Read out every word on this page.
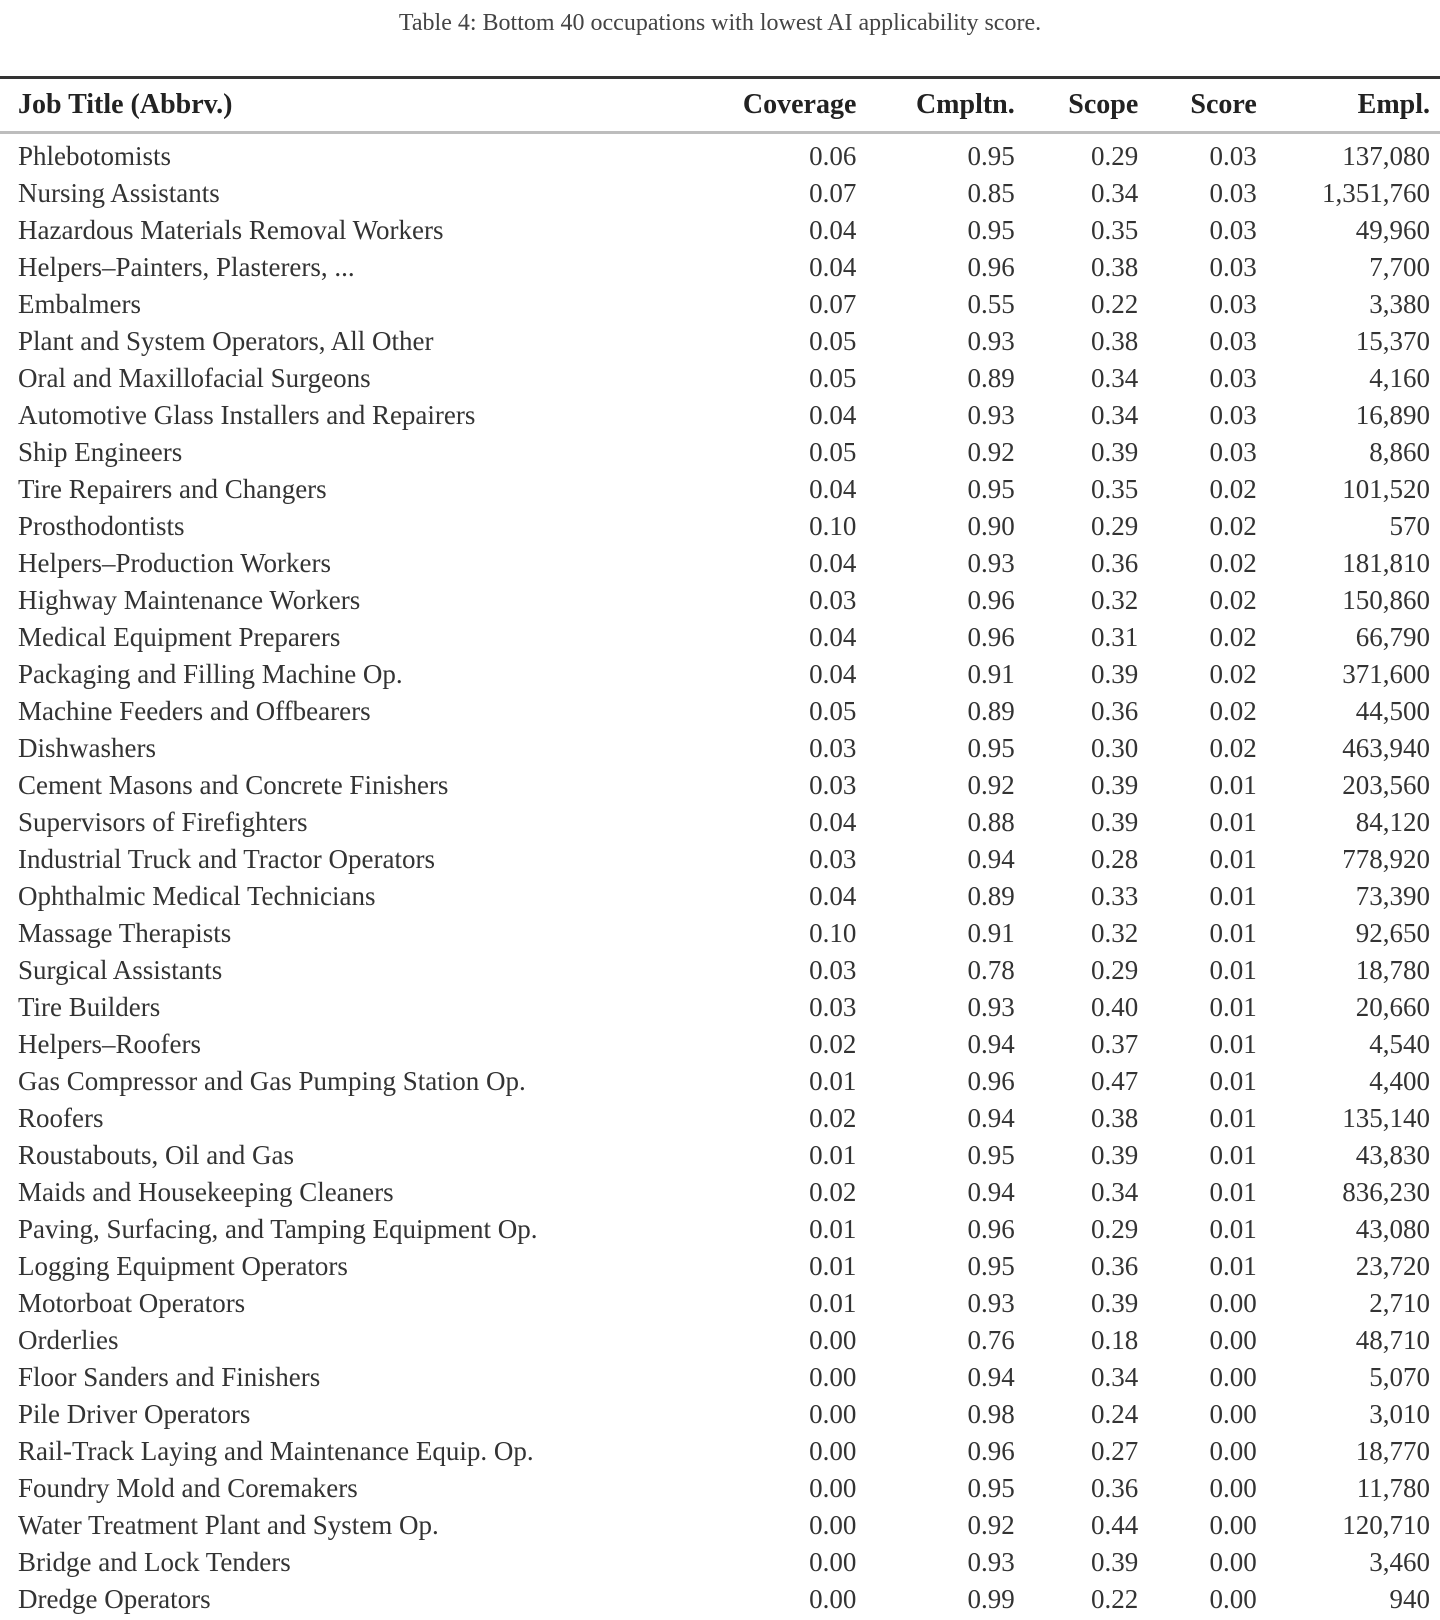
Table 4: Bottom 40 occupations with lowest AI applicability score.
Job Title (Abbrv.)	Coverage	Cmpltn.	Scope	Score	Empl.

Phlebotomists	0.06	0.95	0.29	0.03	137,080
Nursing Assistants	0.07	0.85	0.34	0.03	1,351,760
Hazardous Materials Removal Workers	0.04	0.95	0.35	0.03	49,960
Helpers–Painters, Plasterers, ...	0.04	0.96	0.38	0.03	7,700
Embalmers	0.07	0.55	0.22	0.03	3,380
Plant and System Operators, All Other	0.05	0.93	0.38	0.03	15,370
Oral and Maxillofacial Surgeons	0.05	0.89	0.34	0.03	4,160
Automotive Glass Installers and Repairers	0.04	0.93	0.34	0.03	16,890
Ship Engineers	0.05	0.92	0.39	0.03	8,860
Tire Repairers and Changers	0.04	0.95	0.35	0.02	101,520
Prosthodontists	0.10	0.90	0.29	0.02	570
Helpers–Production Workers	0.04	0.93	0.36	0.02	181,810
Highway Maintenance Workers	0.03	0.96	0.32	0.02	150,860
Medical Equipment Preparers	0.04	0.96	0.31	0.02	66,790
Packaging and Filling Machine Op.	0.04	0.91	0.39	0.02	371,600
Machine Feeders and Offbearers	0.05	0.89	0.36	0.02	44,500
Dishwashers	0.03	0.95	0.30	0.02	463,940
Cement Masons and Concrete Finishers	0.03	0.92	0.39	0.01	203,560
Supervisors of Firefighters	0.04	0.88	0.39	0.01	84,120
Industrial Truck and Tractor Operators	0.03	0.94	0.28	0.01	778,920
Ophthalmic Medical Technicians	0.04	0.89	0.33	0.01	73,390
Massage Therapists	0.10	0.91	0.32	0.01	92,650
Surgical Assistants	0.03	0.78	0.29	0.01	18,780
Tire Builders	0.03	0.93	0.40	0.01	20,660
Helpers–Roofers	0.02	0.94	0.37	0.01	4,540
Gas Compressor and Gas Pumping Station Op.	0.01	0.96	0.47	0.01	4,400
Roofers	0.02	0.94	0.38	0.01	135,140
Roustabouts, Oil and Gas	0.01	0.95	0.39	0.01	43,830
Maids and Housekeeping Cleaners	0.02	0.94	0.34	0.01	836,230
Paving, Surfacing, and Tamping Equipment Op.	0.01	0.96	0.29	0.01	43,080
Logging Equipment Operators	0.01	0.95	0.36	0.01	23,720
Motorboat Operators	0.01	0.93	0.39	0.00	2,710
Orderlies	0.00	0.76	0.18	0.00	48,710
Floor Sanders and Finishers	0.00	0.94	0.34	0.00	5,070
Pile Driver Operators	0.00	0.98	0.24	0.00	3,010
Rail-Track Laying and Maintenance Equip. Op.	0.00	0.96	0.27	0.00	18,770
Foundry Mold and Coremakers	0.00	0.95	0.36	0.00	11,780
Water Treatment Plant and System Op.	0.00	0.92	0.44	0.00	120,710
Bridge and Lock Tenders	0.00	0.93	0.39	0.00	3,460
Dredge Operators	0.00	0.99	0.22	0.00	940
